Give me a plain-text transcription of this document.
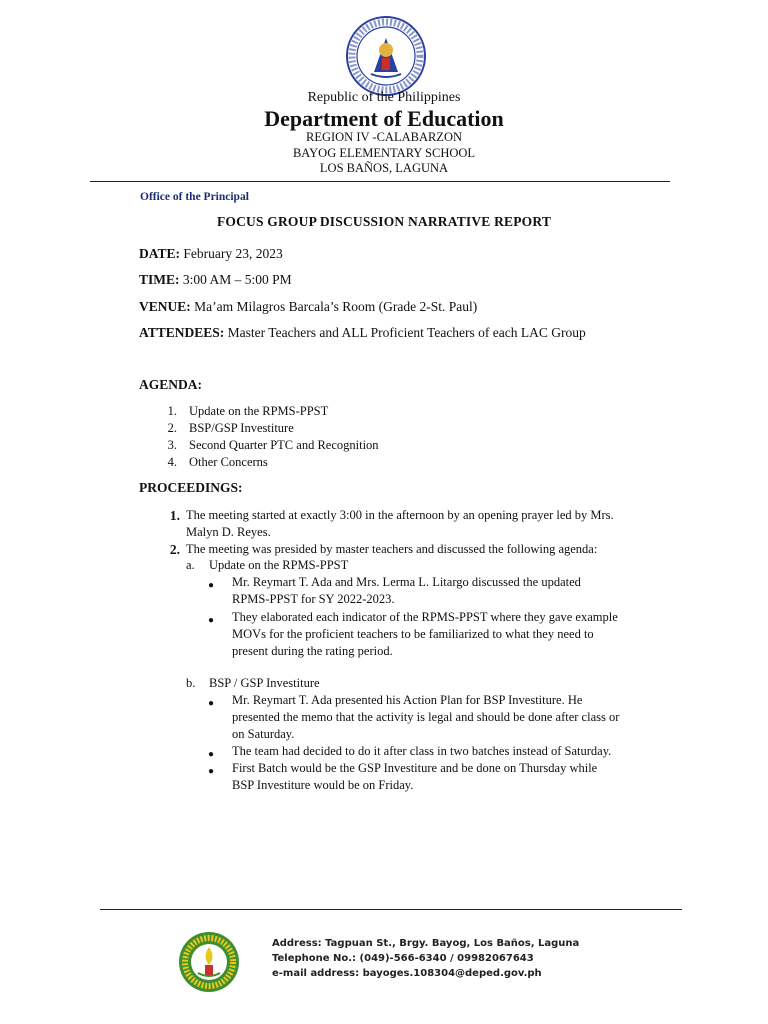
Republic of the Philippines
Department of Education
REGION IV -CALABARZON
BAYOG ELEMENTARY SCHOOL
LOS BAÑOS, LAGUNA
Office of the Principal
FOCUS GROUP DISCUSSION NARRATIVE REPORT
DATE: February 23, 2023
TIME: 3:00 AM – 5:00 PM
VENUE: Ma’am Milagros Barcala’s Room (Grade 2-St. Paul)
ATTENDEES: Master Teachers and ALL Proficient Teachers of each LAC Group
AGENDA:
1. Update on the RPMS-PPST
2. BSP/GSP Investiture
3. Second Quarter PTC and Recognition
4. Other Concerns
PROCEEDINGS:
1. The meeting started at exactly 3:00 in the afternoon by an opening prayer led by Mrs.
Malyn D. Reyes.
2. The meeting was presided by master teachers and discussed the following agenda:
a. Update on the RPMS-PPST
● Mr. Reymart T. Ada and Mrs. Lerma L. Litargo discussed the updated
RPMS-PPST for SY 2022-2023.
● They elaborated each indicator of the RPMS-PPST where they gave example
MOVs for the proficient teachers to be familiarized to what they need to
present during the rating period.
b. BSP / GSP Investiture
● Mr. Reymart T. Ada presented his Action Plan for BSP Investiture. He
presented the memo that the activity is legal and should be done after class or
on Saturday.
● The team had decided to do it after class in two batches instead of Saturday.
● First Batch would be the GSP Investiture and be done on Thursday while
BSP Investiture would be on Friday.
Address: Tagpuan St., Brgy. Bayog, Los Baños, Laguna
Telephone No.: (049)-566-6340 / 09982067643
e-mail address: bayoges.108304@deped.gov.ph
